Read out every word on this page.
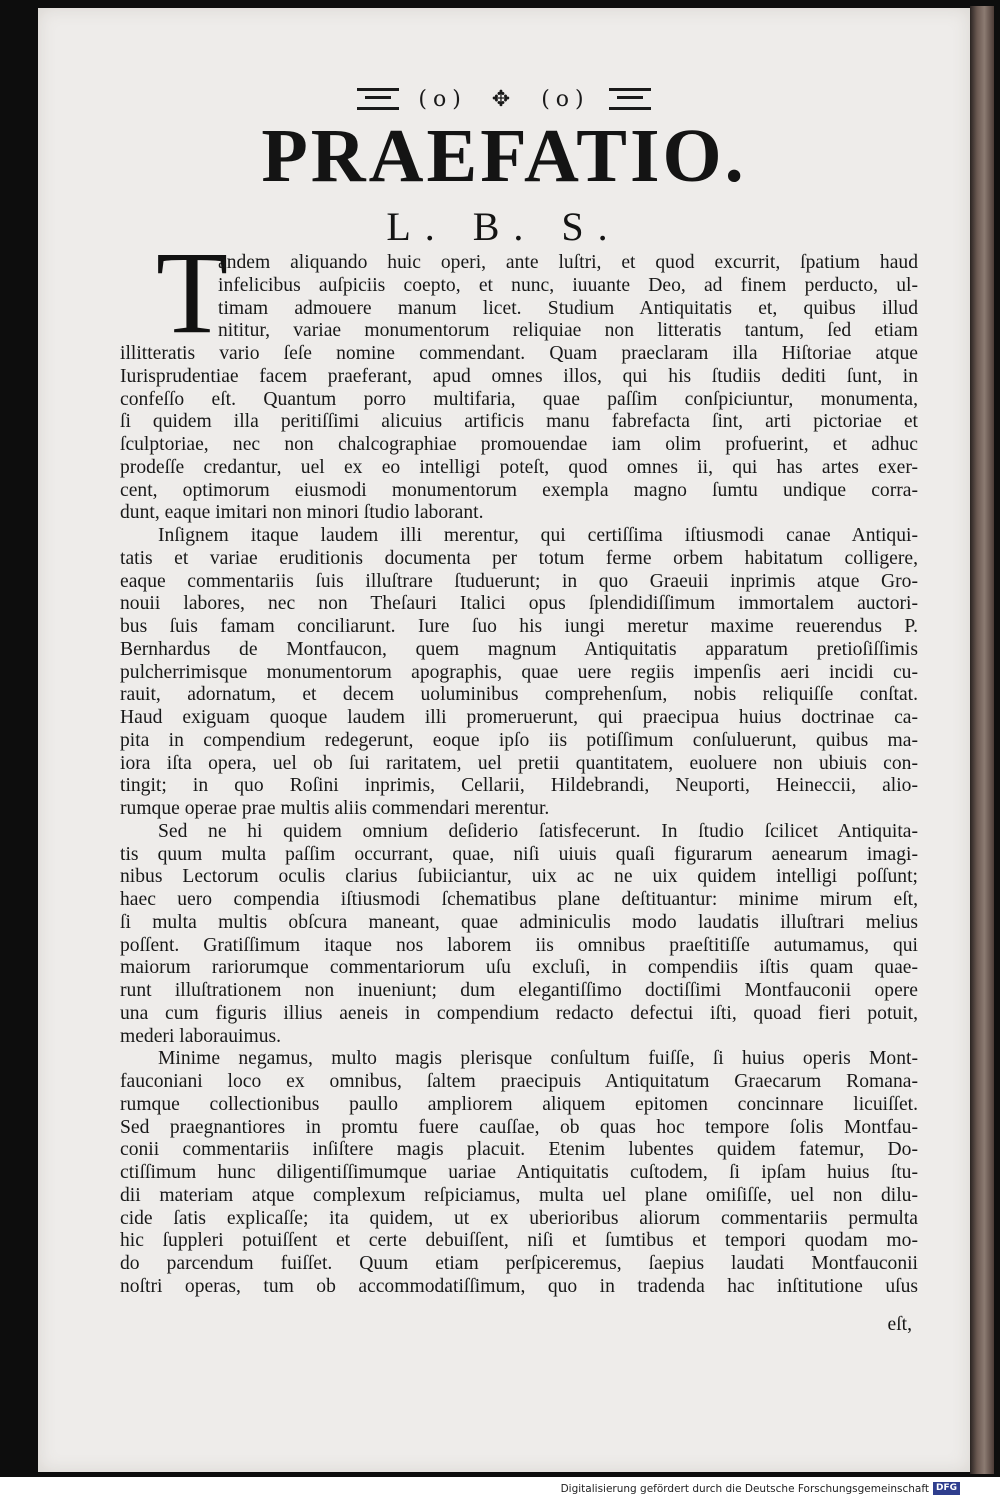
(o) ✥ (o)
PRAEFATIO.
L. B. S.
T
andem aliquando huic operi, ante luſtri, et quod excurrit, ſpatium haud
infelicibus auſpiciis coepto, et nunc, iuuante Deo, ad finem perducto, ul-
timam admouere manum licet. Studium Antiquitatis et, quibus illud
nititur, variae monumentorum reliquiae non litteratis tantum, ſed etiam
illitteratis vario ſeſe nomine commendant. Quam praeclaram illa Hiſtoriae atque
Iurisprudentiae facem praeferant, apud omnes illos, qui his ſtudiis dediti ſunt, in
confeſſo eſt. Quantum porro multifaria, quae paſſim conſpiciuntur, monumenta,
ſi quidem illa peritiſſimi alicuius artificis manu fabrefacta ſint, arti pictoriae et
ſculptoriae, nec non chalcographiae promouendae iam olim profuerint, et adhuc
prodeſſe credantur, uel ex eo intelligi poteſt, quod omnes ii, qui has artes exer-
cent, optimorum eiusmodi monumentorum exempla magno ſumtu undique corra-
dunt, eaque imitari non minori ſtudio laborant.
Inſignem itaque laudem illi merentur, qui certiſſima iſtiusmodi canae Antiqui-
tatis et variae eruditionis documenta per totum ferme orbem habitatum colligere,
eaque commentariis ſuis illuſtrare ſtuduerunt; in quo Graeuii inprimis atque Gro-
nouii labores, nec non Theſauri Italici opus ſplendidiſſimum immortalem auctori-
bus ſuis famam conciliarunt. Iure ſuo his iungi meretur maxime reuerendus P.
Bernhardus de Montfaucon, quem magnum Antiquitatis apparatum pretioſiſſimis
pulcherrimisque monumentorum apographis, quae uere regiis impenſis aeri incidi cu-
rauit, adornatum, et decem uoluminibus comprehenſum, nobis reliquiſſe conſtat.
Haud exiguam quoque laudem illi promeruerunt, qui praecipua huius doctrinae ca-
pita in compendium redegerunt, eoque ipſo iis potiſſimum conſuluerunt, quibus ma-
iora iſta opera, uel ob ſui raritatem, uel pretii quantitatem, euoluere non ubiuis con-
tingit; in quo Roſini inprimis, Cellarii, Hildebrandi, Neuporti, Heineccii, alio-
rumque operae prae multis aliis commendari merentur.
Sed ne hi quidem omnium deſiderio ſatisfecerunt. In ſtudio ſcilicet Antiquita-
tis quum multa paſſim occurrant, quae, niſi uiuis quaſi figurarum aenearum imagi-
nibus Lectorum oculis clarius ſubiiciantur, uix ac ne uix quidem intelligi poſſunt;
haec uero compendia iſtiusmodi ſchematibus plane deſtituantur: minime mirum eſt,
ſi multa multis obſcura maneant, quae adminiculis modo laudatis illuſtrari melius
poſſent. Gratiſſimum itaque nos laborem iis omnibus praeſtitiſſe autumamus, qui
maiorum rariorumque commentariorum uſu excluſi, in compendiis iſtis quam quae-
runt illuſtrationem non inueniunt; dum elegantiſſimo doctiſſimi Montfauconii opere
una cum figuris illius aeneis in compendium redacto defectui iſti, quoad fieri potuit,
mederi laborauimus.
Minime negamus, multo magis plerisque conſultum fuiſſe, ſi huius operis Mont-
fauconiani loco ex omnibus, ſaltem praecipuis Antiquitatum Graecarum Romana-
rumque collectionibus paullo ampliorem aliquem epitomen concinnare licuiſſet.
Sed praegnantiores in promtu fuere cauſſae, ob quas hoc tempore ſolis Montfau-
conii commentariis inſiſtere magis placuit. Etenim lubentes quidem fatemur, Do-
ctiſſimum hunc diligentiſſimumque uariae Antiquitatis cuſtodem, ſi ipſam huius ſtu-
dii materiam atque complexum reſpiciamus, multa uel plane omiſiſſe, uel non dilu-
cide ſatis explicaſſe; ita quidem, ut ex uberioribus aliorum commentariis permulta
hic ſuppleri potuiſſent et certe debuiſſent, niſi et ſumtibus et tempori quodam mo-
do parcendum fuiſſet. Quum etiam perſpiceremus, ſaepius laudati Montfauconii
noſtri operas, tum ob accommodatiſſimum, quo in tradenda hac inſtitutione uſus
eſt,
Digitalisierung gefördert durch die Deutsche Forschungsgemeinschaft DFG
